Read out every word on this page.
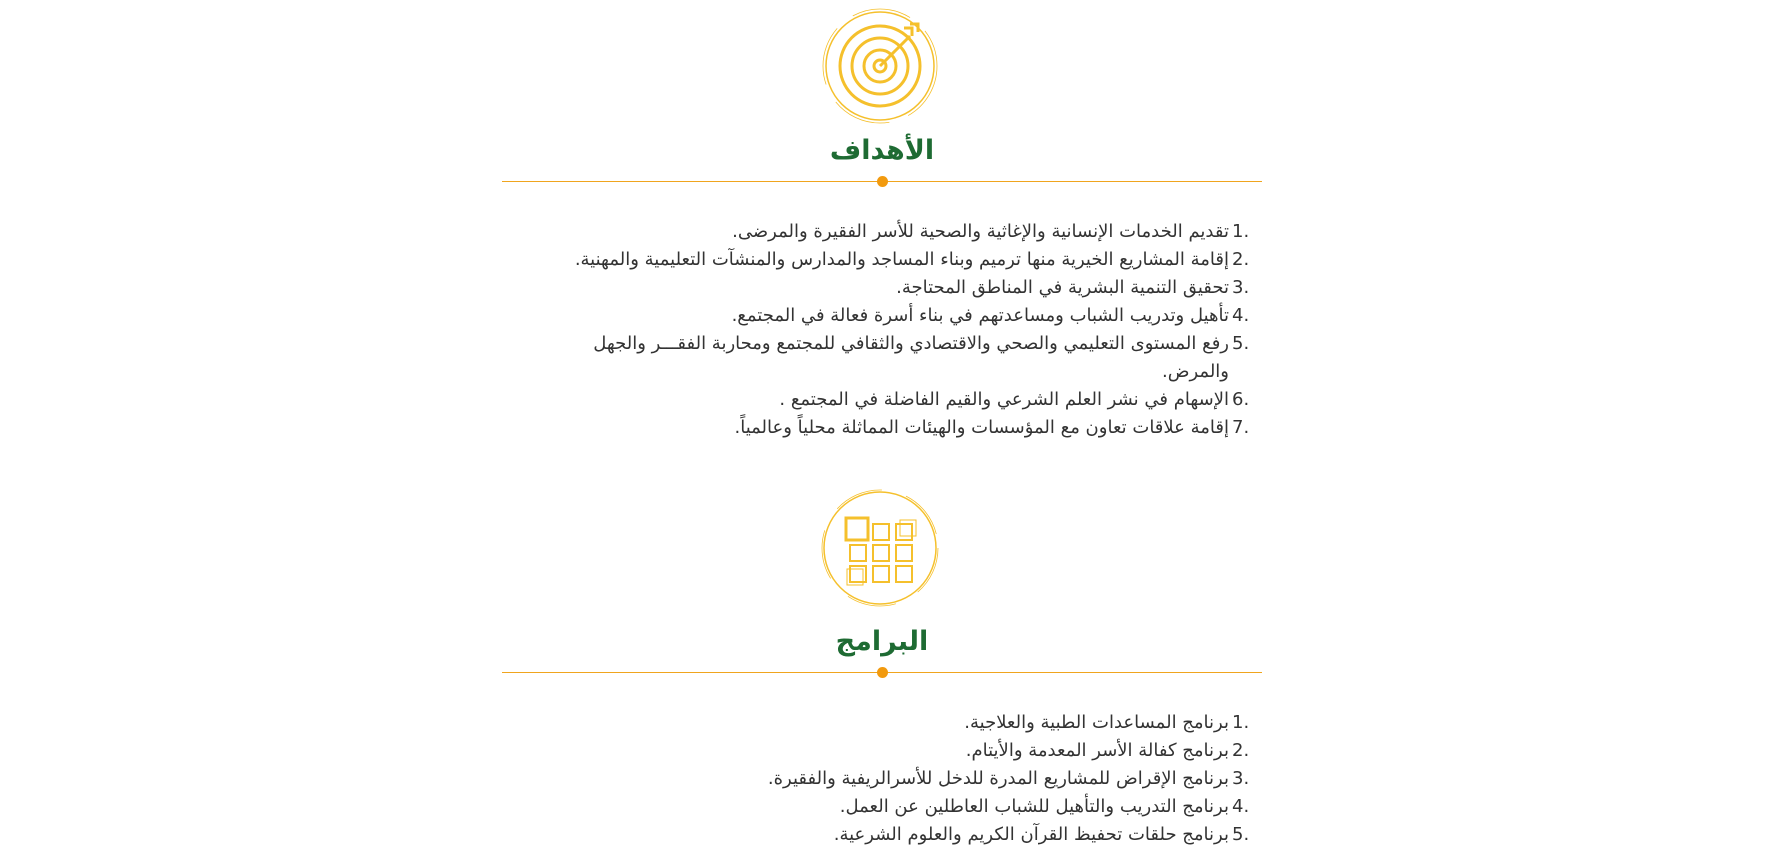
الأهداف
1.
تقديم الخدمات الإنسانية والإغاثية والصحية للأسر الفقيرة والمرضى.
2.
إقامة المشاريع الخيرية منها ترميم وبناء المساجد والمدارس والمنشآت التعليمية والمهنية.
3.
تحقيق التنمية البشرية في المناطق المحتاجة.
4.
تأهيل وتدريب الشباب ومساعدتهم في بناء أسرة فعالة في المجتمع.
5.
رفع المستوى التعليمي والصحي والاقتصادي والثقافي للمجتمع ومحاربة الفقـــر والجهل والمرض.
6.
الإسهام في نشر العلم الشرعي والقيم الفاضلة في المجتمع .
7.
إقامة علاقات تعاون مع المؤسسات والهيئات المماثلة محلياً وعالمياً.
البرامج
1.
برنامج المساعدات الطبية والعلاجية.
2.
برنامج كفالة الأسر المعدمة والأيتام.
3.
برنامج الإقراض للمشاريع المدرة للدخل للأسرالريفية والفقيرة.
4.
برنامج التدريب والتأهيل للشباب العاطلين عن العمل.
5.
برنامج حلقات تحفيظ القرآن الكريم والعلوم الشرعية.
